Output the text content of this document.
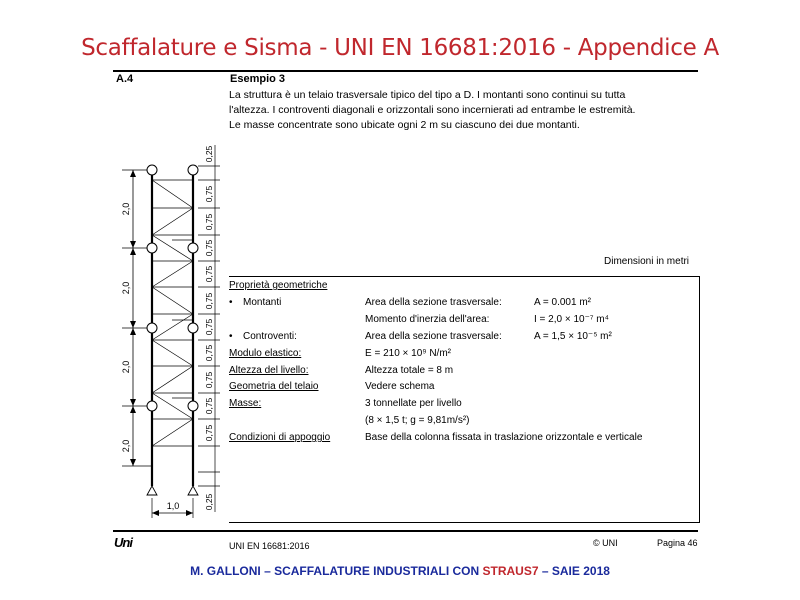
Scaffalature e Sisma - UNI EN 16681:2016 - Appendice A
A.4	Esempio 3
La struttura è un telaio trasversale tipico del tipo a D. I montanti sono continui su tutta
l'altezza. I controventi diagonali e orizzontali sono incernierati ad entrambe le estremità.
Le masse concentrate sono ubicate ogni 2 m su ciascuno dei due montanti.
2,0
2,0
2,0
2,0
0,25
0,75
0,75
0,75
0,75
0,75
0,75
0,75
0,75
0,75
0,75
0,25
1,0
Dimensioni in metri
Proprietà geometriche
• Montanti	Area della sezione trasversale:	A = 0.001 m²
Momento d'inerzia dell'area:	I = 2,0 × 10⁻⁷ m⁴
• Controventi:	Area della sezione trasversale:	A = 1,5 × 10⁻⁵ m²
Modulo elastico:	E = 210 × 10⁹ N/m²
Altezza del livello:	Altezza totale = 8 m
Geometria del telaio	Vedere schema
Masse:	3 tonnellate per livello
(8 × 1,5 t; g = 9,81m/s²)
Condizioni di appoggio	Base della colonna fissata in traslazione orizzontale e verticale
Uni	UNI EN 16681:2016	© UNI	Pagina 46
M. GALLONI – SCAFFALATURE INDUSTRIALI CON STRAUS7 – SAIE 2018
